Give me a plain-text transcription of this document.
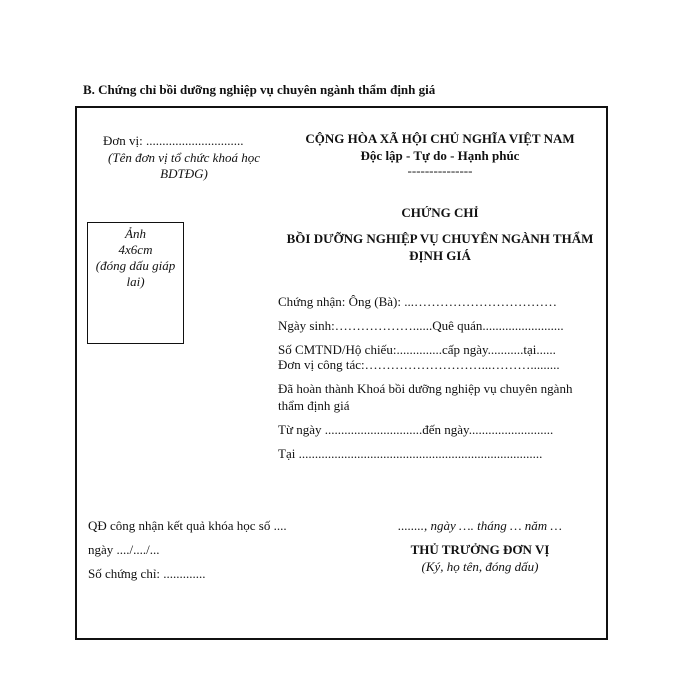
B. Chứng chỉ bồi dưỡng nghiệp vụ chuyên ngành thẩm định giá
Đơn vị: ..............................
(Tên đơn vị tổ chức khoá học
BDTĐG)
CỘNG HÒA XÃ HỘI CHỦ NGHĨA VIỆT NAM
Độc lập - Tự do - Hạnh phúc
---------------
Ảnh
4x6cm
(đóng dấu giáp
lai)
CHỨNG CHỈ
BỒI DƯỠNG NGHIỆP VỤ CHUYÊN NGÀNH THẨM
ĐỊNH GIÁ
Chứng nhận: Ông (Bà): ...……………………………
Ngày sinh:………………......Quê quán.........................
Số CMTND/Hộ chiếu:..............cấp ngày...........tại......
Đơn vị công tác:………………………...……….........
Đã hoàn thành Khoá bồi dưỡng nghiệp vụ chuyên ngành
thẩm định giá
Từ ngày ..............................đến ngày..........................
Tại ...........................................................................
QĐ công nhận kết quả khóa học số ....
ngày ..../..../...
Số chứng chỉ: .............
........, ngày …. tháng … năm …
THỦ TRƯỞNG ĐƠN VỊ
(Ký, họ tên, đóng dấu)
